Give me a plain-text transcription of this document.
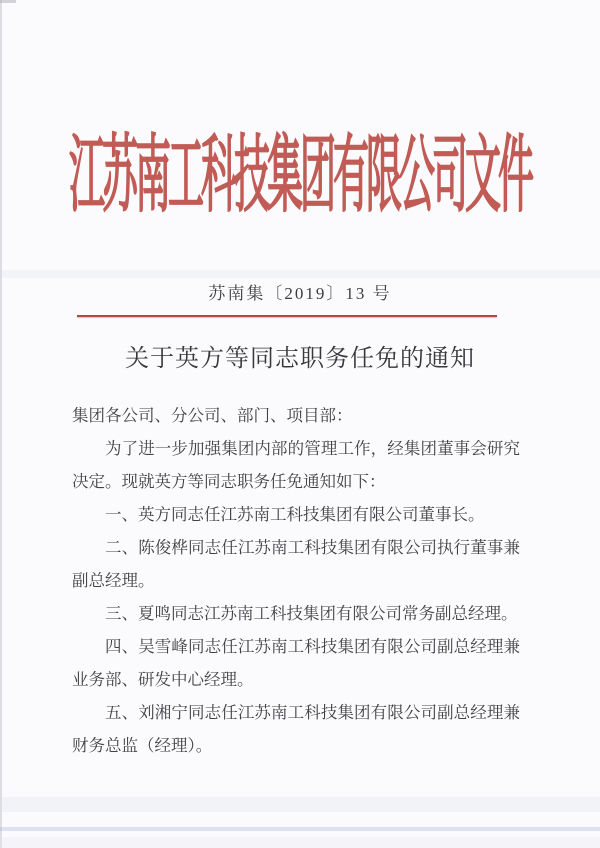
江苏南工科技集团有限公司文件
苏南集〔2019〕13 号
关于英方等同志职务任免的通知

集团各公司、分公司、部门、项目部：

为了进一步加强集团内部的管理工作，经集团董事会研究决定。现就英方等同志职务任免通知如下：

一、英方同志任江苏南工科技集团有限公司董事长。

二、陈俊桦同志任江苏南工科技集团有限公司执行董事兼副总经理。

三、夏鸣同志江苏南工科技集团有限公司常务副总经理。

四、吴雪峰同志任江苏南工科技集团有限公司副总经理兼业务部、研发中心经理。

五、刘湘宁同志任江苏南工科技集团有限公司副总经理兼财务总监（经理）。
